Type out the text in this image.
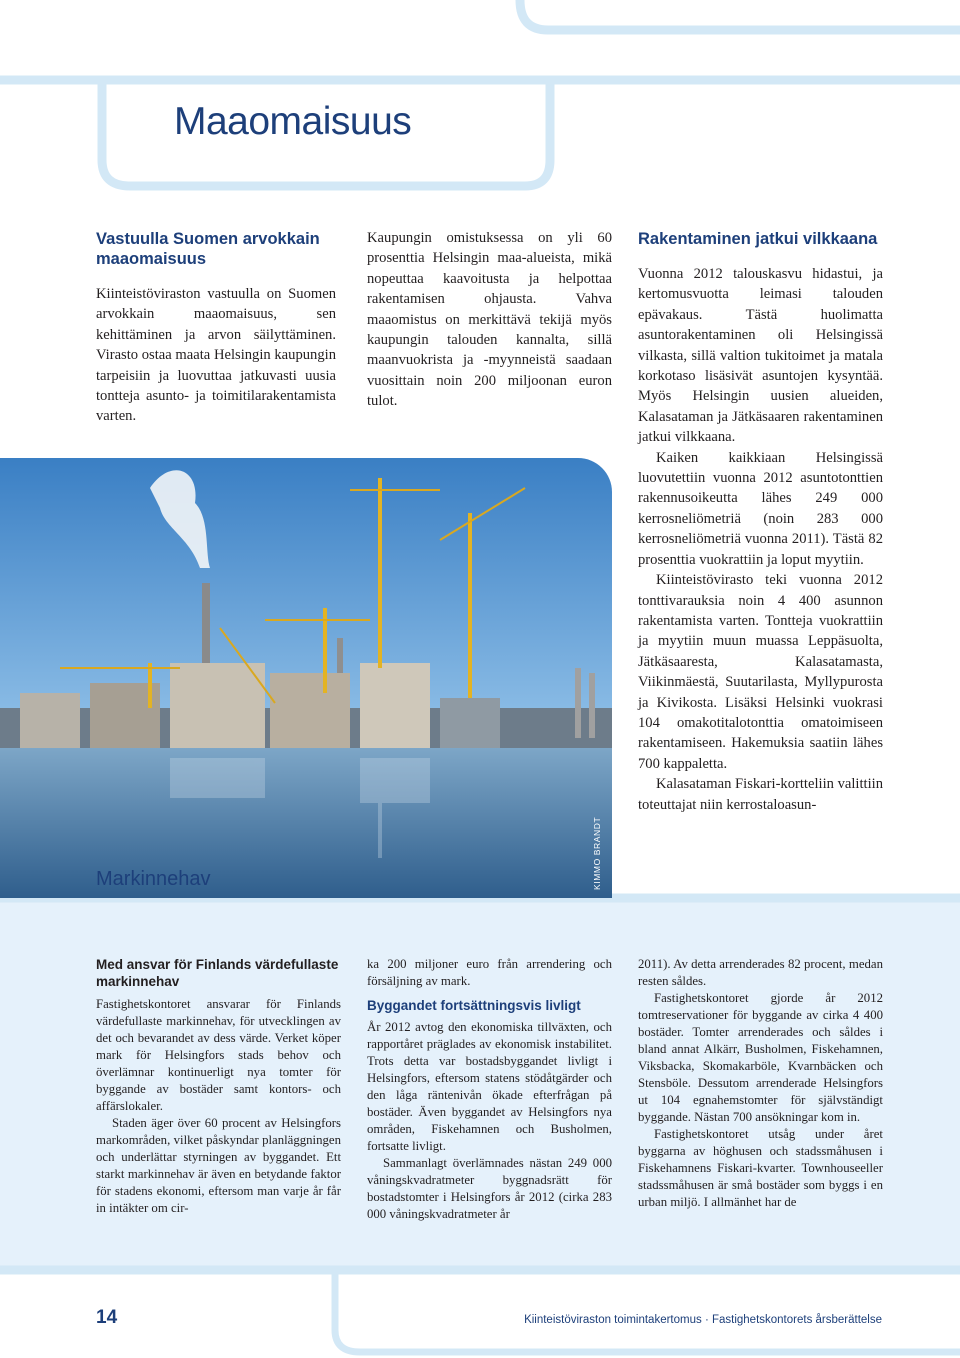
Maaomaisuus
Vastuulla Suomen arvokkain maaomaisuus

Kiinteistöviraston vastuulla on Suomen arvokkain maaomaisuus, sen kehittäminen ja arvon säilyttäminen. Virasto ostaa maata Helsingin kaupungin tarpeisiin ja luovuttaa jatkuvasti uusia tontteja asunto- ja toimitilarakentamista varten.

Kaupungin omistuksessa on yli 60 prosenttia Helsingin maa-alueista, mikä nopeuttaa kaavoitusta ja helpottaa rakentamisen ohjausta. Vahva maaomistus on merkittävä tekijä myös kaupungin talouden kannalta, sillä maanvuokrista ja -myynneistä saadaan vuosittain noin 200 miljoonan euron tulot.

Rakentaminen jatkui vilkkaana

Vuonna 2012 talouskasvu hidastui, ja kertomusvuotta leimasi talouden epävakaus. Tästä huolimatta asuntorakentaminen oli Helsingissä vilkasta, sillä valtion tukitoimet ja matala korkotaso lisäsivät asuntojen kysyntää. Myös Helsingin uusien alueiden, Kalasataman ja Jätkäsaaren rakentaminen jatkui vilkkaana.

Kaiken kaikkiaan Helsingissä luovutettiin vuonna 2012 asuntotonttien rakennusoikeutta lähes 249 000 kerrosneliömetriä (noin 283 000 kerrosneliömetriä vuonna 2011). Tästä 82 prosenttia vuokrattiin ja loput myytiin.

Kiinteistövirasto teki vuonna 2012 tonttivarauksia noin 4 400 asunnon rakentamista varten. Tontteja vuokrattiin ja myytiin muun muassa Leppäsuolta, Jätkäsaaresta, Kalasatamasta, Viikinmäestä, Suutarilasta, Myllypurosta ja Kivikosta. Lisäksi Helsinki vuokrasi 104 omakotitalotonttia omatoimiseen rakentamiseen. Hakemuksia saatiin lähes 700 kappaletta.

Kalasataman Fiskari-kortteliin valittiin toteuttajat niin kerrostaloasun-

KIMMO BRANDT
Markinnehav
Med ansvar för Finlands värdefullaste markinnehav

Fastighetskontoret ansvarar för Finlands värdefullaste markinnehav, för utvecklingen av det och bevarandet av dess värde. Verket köper mark för Helsingfors stads behov och överlämnar kontinuerligt nya tomter för byggande av bostäder samt kontors- och affärslokaler.

Staden äger över 60 procent av Helsingfors markområden, vilket påskyndar planläggningen och underlättar styrningen av byggandet. Ett starkt markinnehav är även en betydande faktor för stadens ekonomi, eftersom man varje år får in intäkter om cir-

ka 200 miljoner euro från arrendering och försäljning av mark.

Byggandet fortsättningsvis livligt

År 2012 avtog den ekonomiska tillväxten, och rapportåret präglades av ekonomisk instabilitet. Trots detta var bostadsbyggandet livligt i Helsingfors, eftersom statens stödåtgärder och den låga räntenivån ökade efterfrågan på bostäder. Även byggandet av Helsingfors nya områden, Fiskehamnen och Busholmen, fortsatte livligt.

Sammanlagt överlämnades nästan 249 000 våningskvadratmeter byggnadsrätt för bostadstomter i Helsingfors år 2012 (cirka 283 000 våningskvadratmeter år

2011). Av detta arrenderades 82 procent, medan resten såldes.

Fastighetskontoret gjorde år 2012 tomtreservationer för byggande av cirka 4 400 bostäder. Tomter arrenderades och såldes i bland annat Alkärr, Busholmen, Fiskehamnen, Viksbacka, Skomakarböle, Kvarnbäcken och Stensböle. Dessutom arrenderade Helsingfors ut 104 egnahemstomter för självständigt byggande. Nästan 700 ansökningar kom in.

Fastighetskontoret utsåg under året byggarna av höghusen och stadssmåhusen i Fiskehamnens Fiskari-kvarter. Townhouseeller stadssmåhusen är små bostäder som byggs i en urban miljö. I allmänhet har de

14	Kiinteistöviraston toimintakertomus · Fastighetskontorets årsberättelse
